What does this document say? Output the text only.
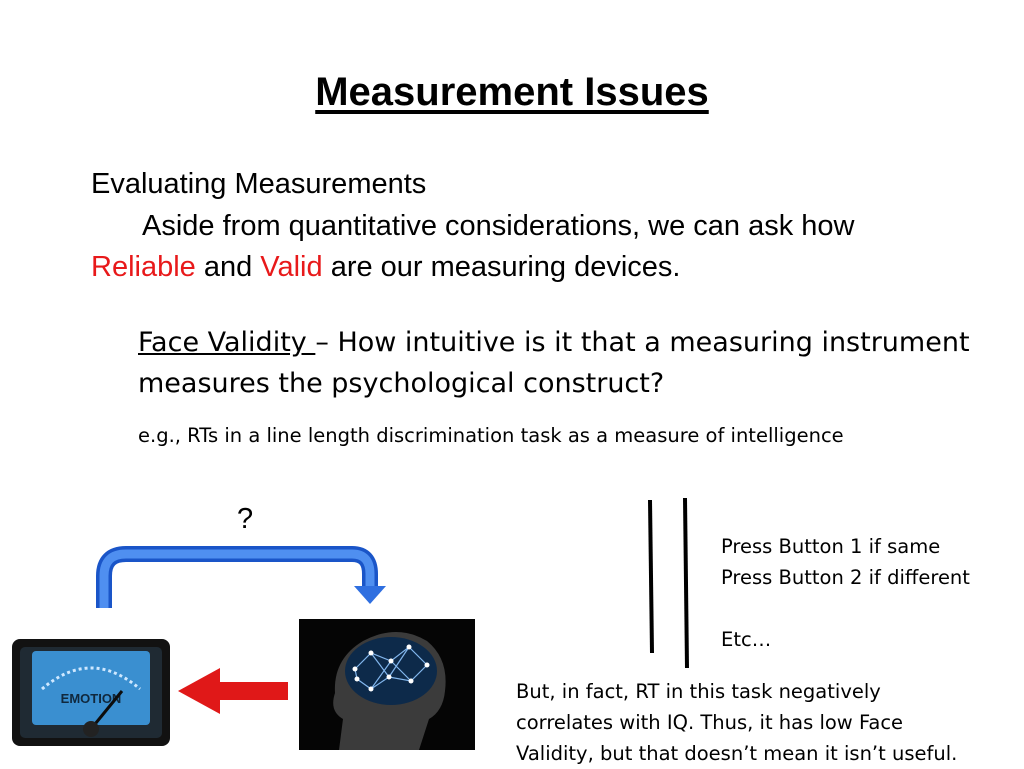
Measurement Issues
Evaluating Measurements
Aside from quantitative considerations, we can ask how
Reliable and Valid are our measuring devices.
Face Validity – How intuitive is it that a measuring instrument measures the psychological construct?
e.g., RTs in a line length discrimination task as a measure of intelligence
?
EMOTION
Press Button 1 if same
Press Button 2 if different
Etc…
But, in fact, RT in this task negatively
correlates with IQ. Thus, it has low Face
Validity, but that doesn’t mean it isn’t useful.
